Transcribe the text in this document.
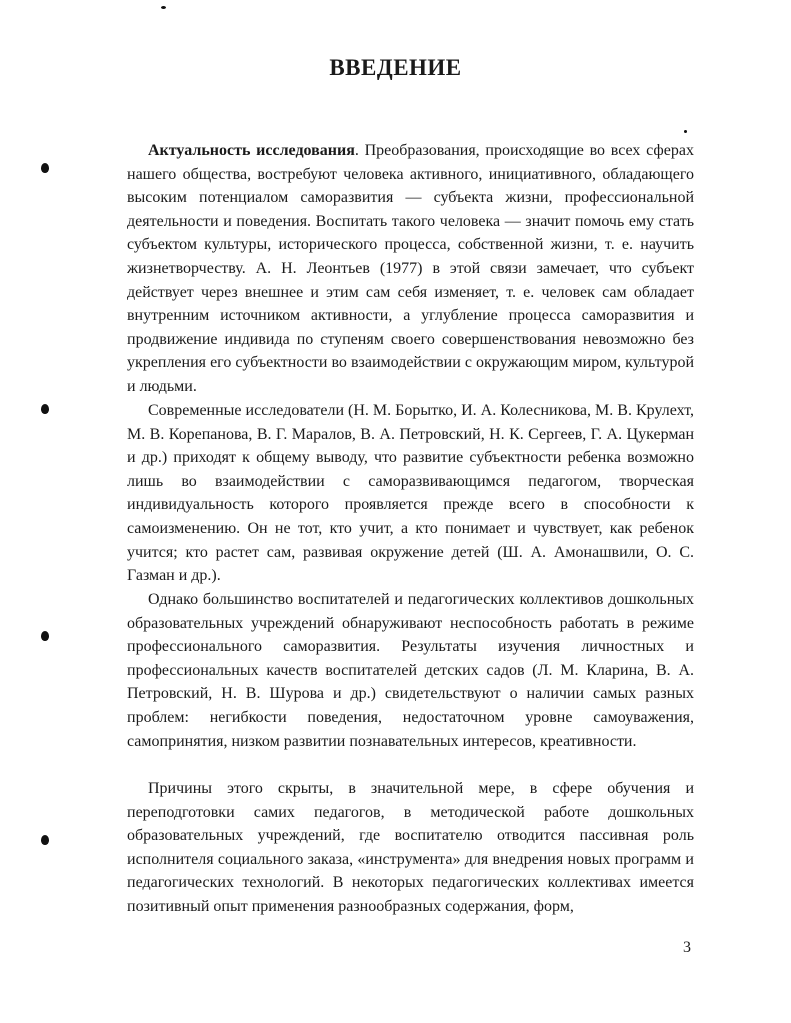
ВВЕДЕНИЕ

Актуальность исследования. Преобразования, происходящие во всех сферах нашего общества, востребуют человека активного, инициативного, обладающего высоким потенциалом саморазвития — субъекта жизни, профессиональной деятельности и поведения. Воспитать такого человека — значит помочь ему стать субъектом культуры, исторического процесса, собственной жизни, т. е. научить жизнетворчеству. А. Н. Леонтьев (1977) в этой связи замечает, что субъект действует через внешнее и этим сам себя изменяет, т. е. человек сам обладает внутренним источником активности, а углубление процесса саморазвития и продвижение индивида по ступеням своего совершенствования невозможно без укрепления его субъектности во взаимодействии с окружающим миром, культурой и людьми.

Современные исследователи (Н. М. Борытко, И. А. Колесникова, М. В. Крулехт, М. В. Корепанова, В. Г. Маралов, В. А. Петровский, Н. К. Сергеев, Г. А. Цукерман и др.) приходят к общему выводу, что развитие субъектности ребенка возможно лишь во взаимодействии с саморазвивающимся педагогом, творческая индивидуальность которого проявляется прежде всего в способности к самоизменению. Он не тот, кто учит, а кто понимает и чувствует, как ребенок учится; кто растет сам, развивая окружение детей (Ш. А. Амонашвили, О. С. Газман и др.).

Однако большинство воспитателей и педагогических коллективов дошкольных образовательных учреждений обнаруживают неспособность работать в режиме профессионального саморазвития. Результаты изучения личностных и профессиональных качеств воспитателей детских садов (Л. М. Кларина, В. А. Петровский, Н. В. Шурова и др.) свидетельствуют о наличии самых разных проблем: негибкости поведения, недостаточном уровне самоуважения, самопринятия, низком развитии познавательных интересов, креативности.

Причины этого скрыты, в значительной мере, в сфере обучения и переподготовки самих педагогов, в методической работе дошкольных образовательных учреждений, где воспитателю отводится пассивная роль исполнителя социального заказа, «инструмента» для внедрения новых программ и педагогических технологий. В некоторых педагогических коллективах имеется позитивный опыт применения разнообразных содержания, форм,

3
